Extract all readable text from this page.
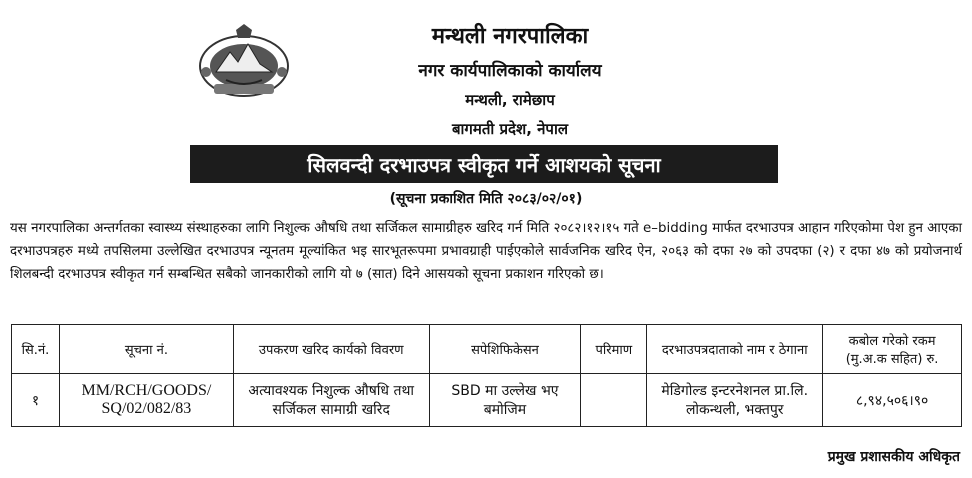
मन्थली नगरपालिका
नगर कार्यपालिकाको कार्यालय
मन्थली, रामेछाप
बागमती प्रदेश, नेपाल
सिलवन्दी दरभाउपत्र स्वीकृत गर्ने आशयको सूचना
(सूचना प्रकाशित मिति २०८३/०२/०१)
यस नगरपालिका अन्तर्गतका स्वास्थ्य संस्थाहरुका लागि निशुल्क औषधि तथा सर्जिकल सामाग्रीहरु खरिद गर्न मिति २०८२।१२।१५ गते e–bidding मार्फत दरभाउपत्र आहान गरिएकोमा पेश हुन आएका दरभाउपत्रहरु मध्ये तपसिलमा उल्लेखित दरभाउपत्र न्यूनतम मूल्यांकित भइ सारभूतरूपमा प्रभावग्राही पाईएकोले सार्वजनिक खरिद ऐन, २०६३ को दफा २७ को उपदफा (२) र दफा ४७ को प्रयोजनार्थ शिलबन्दी दरभाउपत्र स्वीकृत गर्न सम्बन्धित सबैको जानकारीको लागि यो ७ (सात) दिने आसयको सूचना प्रकाशन गरिएको छ।
सि.नं.	सूचना नं.	उपकरण खरिद कार्यको विवरण	सपेशिफिकेसन	परिमाण	दरभाउपत्रदाताको नाम र ठेगाना	कबोल गरेको रकम (मु.अ.क सहित) रु.
१	MM/RCH/GOODS/ SQ/02/082/83	अत्यावश्यक निशुल्क औषधि तथा सर्जिकल सामाग्री खरिद	SBD मा उल्लेख भए बमोजिम		मेडिगोल्ड इन्टरनेशनल प्रा.लि. लोकन्थली, भक्तपुर	८,९४,५०६।९०
प्रमुख प्रशासकीय अधिकृत
